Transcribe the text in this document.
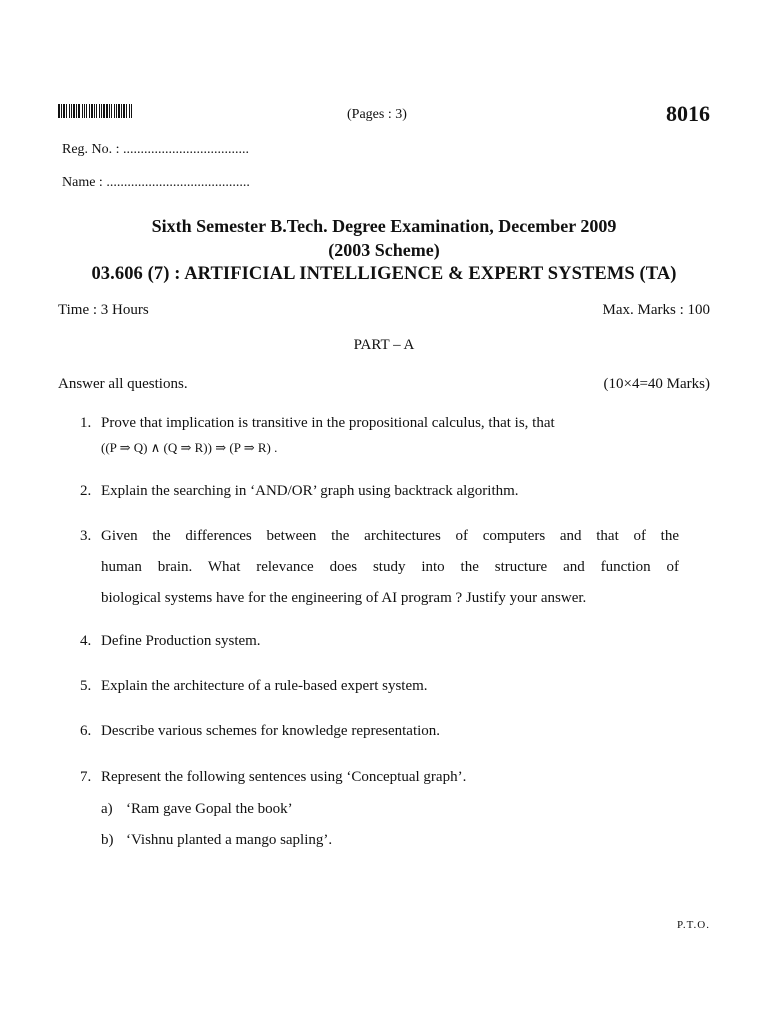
(Pages : 3)	8016
Reg. No. : ....................................
Name : .........................................
Sixth Semester B.Tech. Degree Examination, December 2009
(2003 Scheme)
03.606 (7) : ARTIFICIAL INTELLIGENCE & EXPERT SYSTEMS (TA)
Time : 3 Hours	Max. Marks : 100
PART – A
Answer all questions.	(10×4=40 Marks)
1. Prove that implication is transitive in the propositional calculus, that is, that
((P ⇒ Q) ∧ (Q ⇒ R)) ⇒ (P ⇒ R) .
2. Explain the searching in ‘AND/OR’ graph using backtrack algorithm.
3. Given the differences between the architectures of computers and that of the
human brain. What relevance does study into the structure and function of
biological systems have for the engineering of AI program ? Justify your answer.
4. Define Production system.
5. Explain the architecture of a rule-based expert system.
6. Describe various schemes for knowledge representation.
7. Represent the following sentences using ‘Conceptual graph’.
a) ‘Ram gave Gopal the book’
b) ‘Vishnu planted a mango sapling’.
P.T.O.
